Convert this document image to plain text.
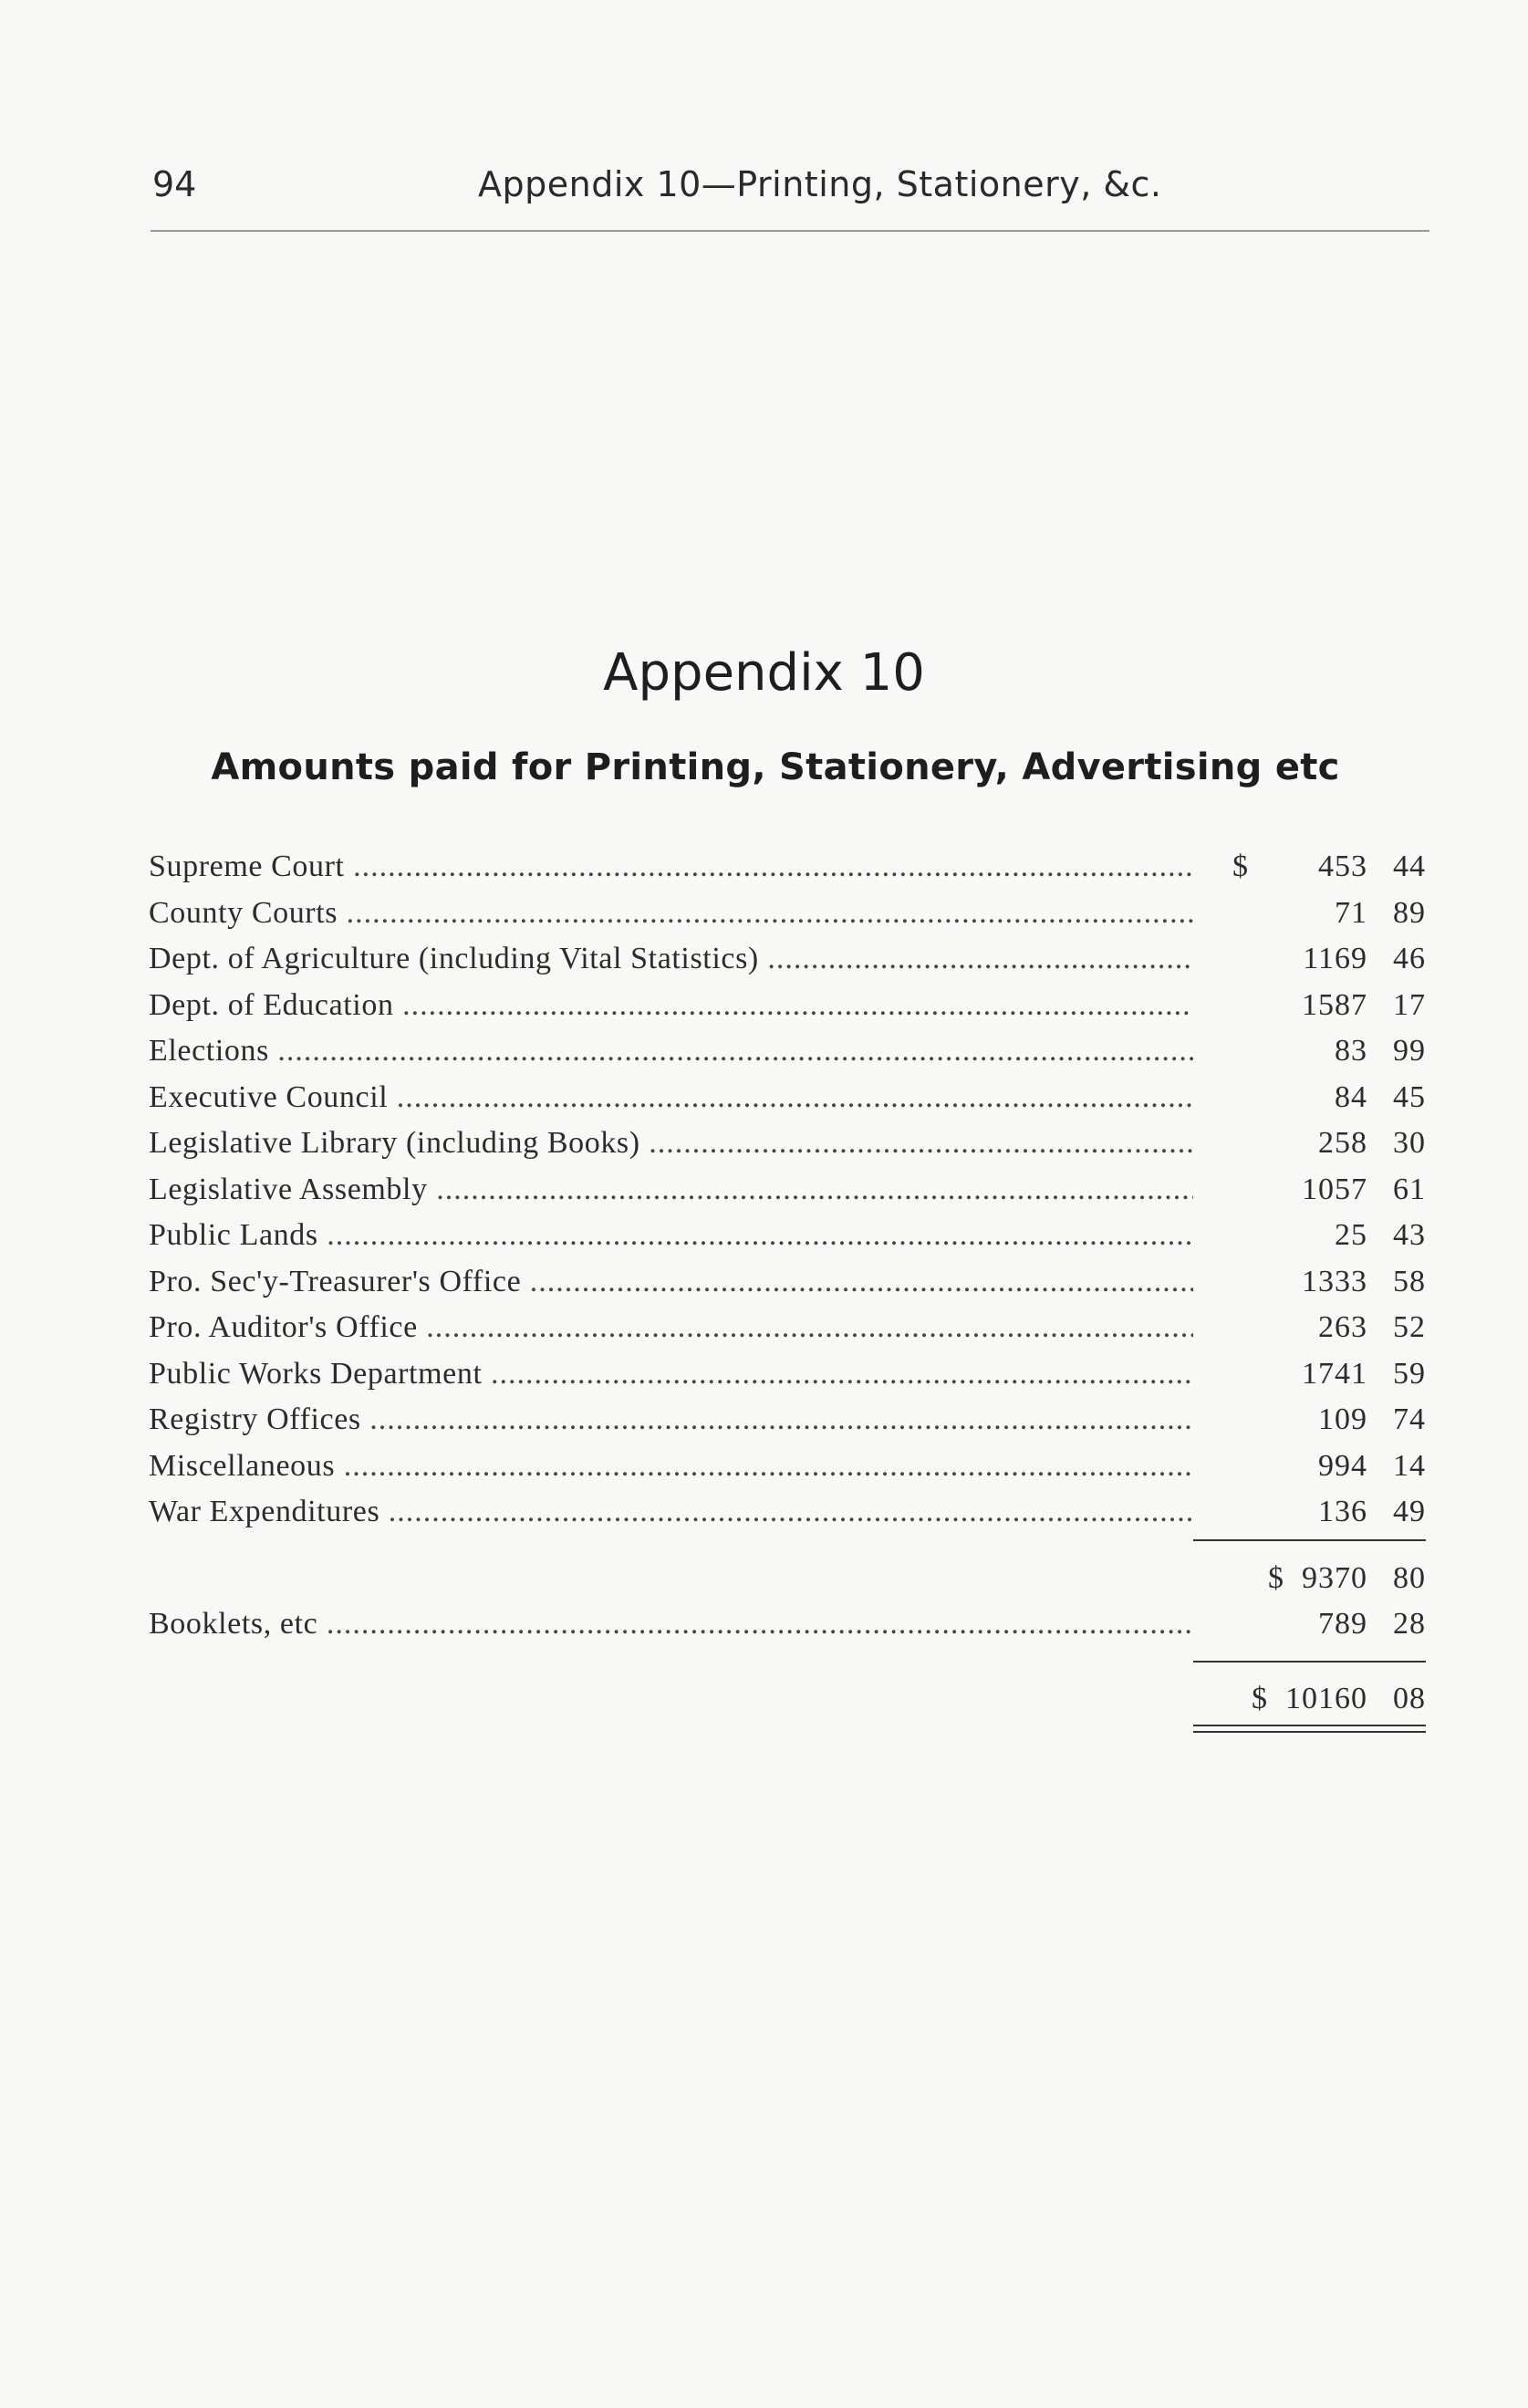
94	Appendix 10—Printing, Stationery, &c.
Appendix 10
Amounts paid for Printing, Stationery, Advertising etc
Supreme Court .....	$	453 44
County Courts .....	71 89
Dept. of Agriculture (including Vital Statistics) .....	1169 46
Dept. of Education .....	1587 17
Elections .....	83 99
Executive Council .....	84 45
Legislative Library (including Books) .....	258 30
Legislative Assembly .....	1057 61
Public Lands .....	25 43
Pro. Sec'y-Treasurer's Office .....	1333 58
Pro. Auditor's Office .....	263 52
Public Works Department .....	1741 59
Registry Offices .....	109 74
Miscellaneous .....	994 14
War Expenditures .....	136 49
$ 9370 80
Booklets, etc .....	789 28
$ 10160 08
